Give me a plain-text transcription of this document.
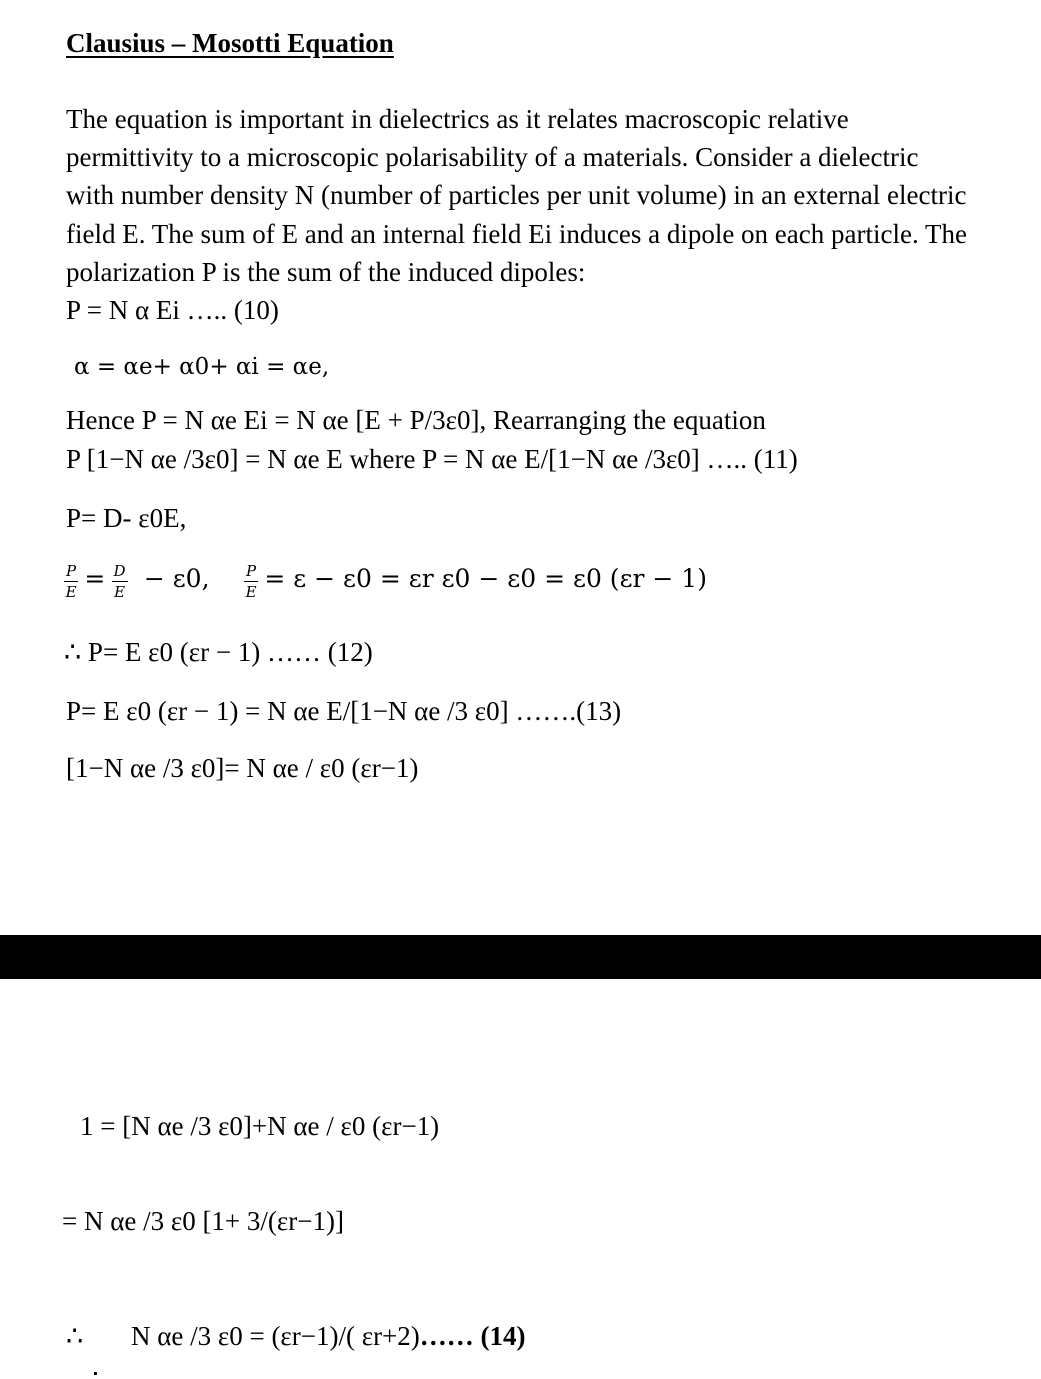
Clausius – Mosotti Equation
The equation is important in dielectrics as it relates macroscopic relative
permittivity to a microscopic polarisability of a materials. Consider a dielectric
with number density N (number of particles per unit volume) in an external electric
field E. The sum of E and an internal field Ei induces a dipole on each particle. The
polarization P is the sum of the induced dipoles:
P = N α Ei ….. (10)
α = αe+ α0+ αi = αe,
Hence P = N αe Ei = N αe [E + P/3ε0], Rearranging the equation
P [1−N αe /3ε0] = N αe E where P = N αe E/[1−N αe /3ε0] ….. (11)
P= D- ε0E,
$\frac{P}{E} = \frac{D}{E} - \varepsilon 0$, $\frac{P}{E} = \varepsilon - \varepsilon 0 = \varepsilon r$ ε0 − ε0 = ε0 (εr − 1)
∴ P= E ε0 (εr − 1) …… (12)
P= E ε0 (εr − 1) = N αe E/[1−N αe /3 ε0] …….(13)
[1−N αe /3 ε0]= N αe / ε0 (εr−1)
1 = [N αe /3 ε0]+N αe / ε0 (εr−1)
= N αe /3 ε0 [1+ 3/(εr−1)]
∴ N αe /3 ε0 = (εr−1)/( εr+2)…… (14)
